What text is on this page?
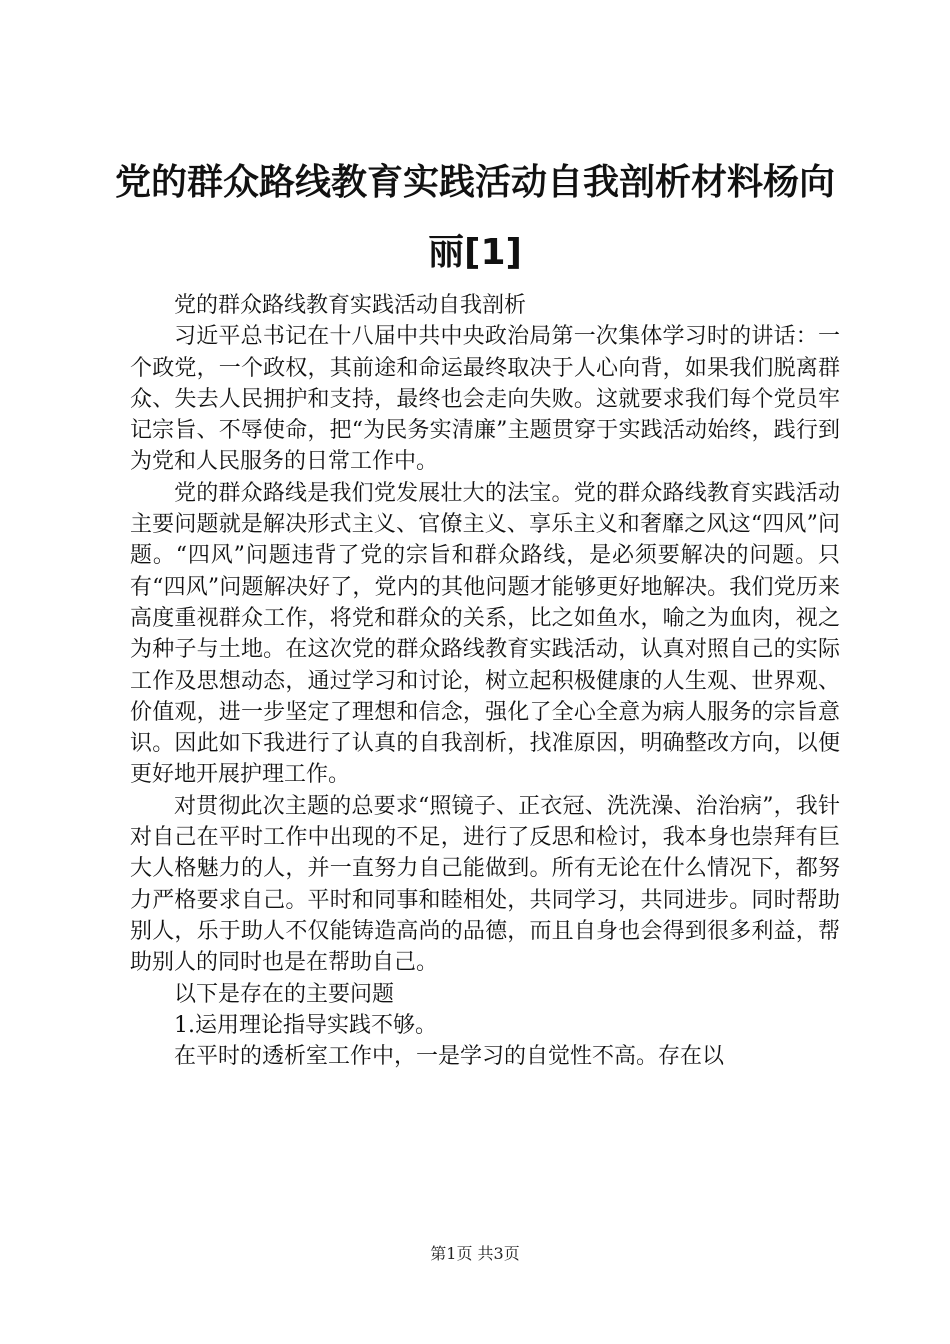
党的群众路线教育实践活动自我剖析材料杨向丽[1]

党的群众路线教育实践活动自我剖析

习近平总书记在十八届中共中央政治局第一次集体学习时的讲话：一个政党，一个政权，其前途和命运最终取决于人心向背，如果我们脱离群众、失去人民拥护和支持，最终也会走向失败。这就要求我们每个党员牢记宗旨、不辱使命，把“为民务实清廉”主题贯穿于实践活动始终，践行到为党和人民服务的日常工作中。

党的群众路线是我们党发展壮大的法宝。党的群众路线教育实践活动主要问题就是解决形式主义、官僚主义、享乐主义和奢靡之风这“四风”问题。“四风”问题违背了党的宗旨和群众路线，是必须要解决的问题。只有“四风”问题解决好了，党内的其他问题才能够更好地解决。我们党历来高度重视群众工作，将党和群众的关系，比之如鱼水，喻之为血肉，视之为种子与土地。在这次党的群众路线教育实践活动，认真对照自己的实际工作及思想动态，通过学习和讨论，树立起积极健康的人生观、世界观、价值观，进一步坚定了理想和信念，强化了全心全意为病人服务的宗旨意识。因此如下我进行了认真的自我剖析，找准原因，明确整改方向，以便更好地开展护理工作。

对贯彻此次主题的总要求“照镜子、正衣冠、洗洗澡、治治病”，我针对自己在平时工作中出现的不足，进行了反思和检讨，我本身也崇拜有巨大人格魅力的人，并一直努力自己能做到。所有无论在什么情况下，都努力严格要求自己。平时和同事和睦相处，共同学习，共同进步。同时帮助别人，乐于助人不仅能铸造高尚的品德，而且自身也会得到很多利益，帮助别人的同时也是在帮助自己。

以下是存在的主要问题

1.运用理论指导实践不够。

在平时的透析室工作中，一是学习的自觉性不高。存在以

第1页 共3页
